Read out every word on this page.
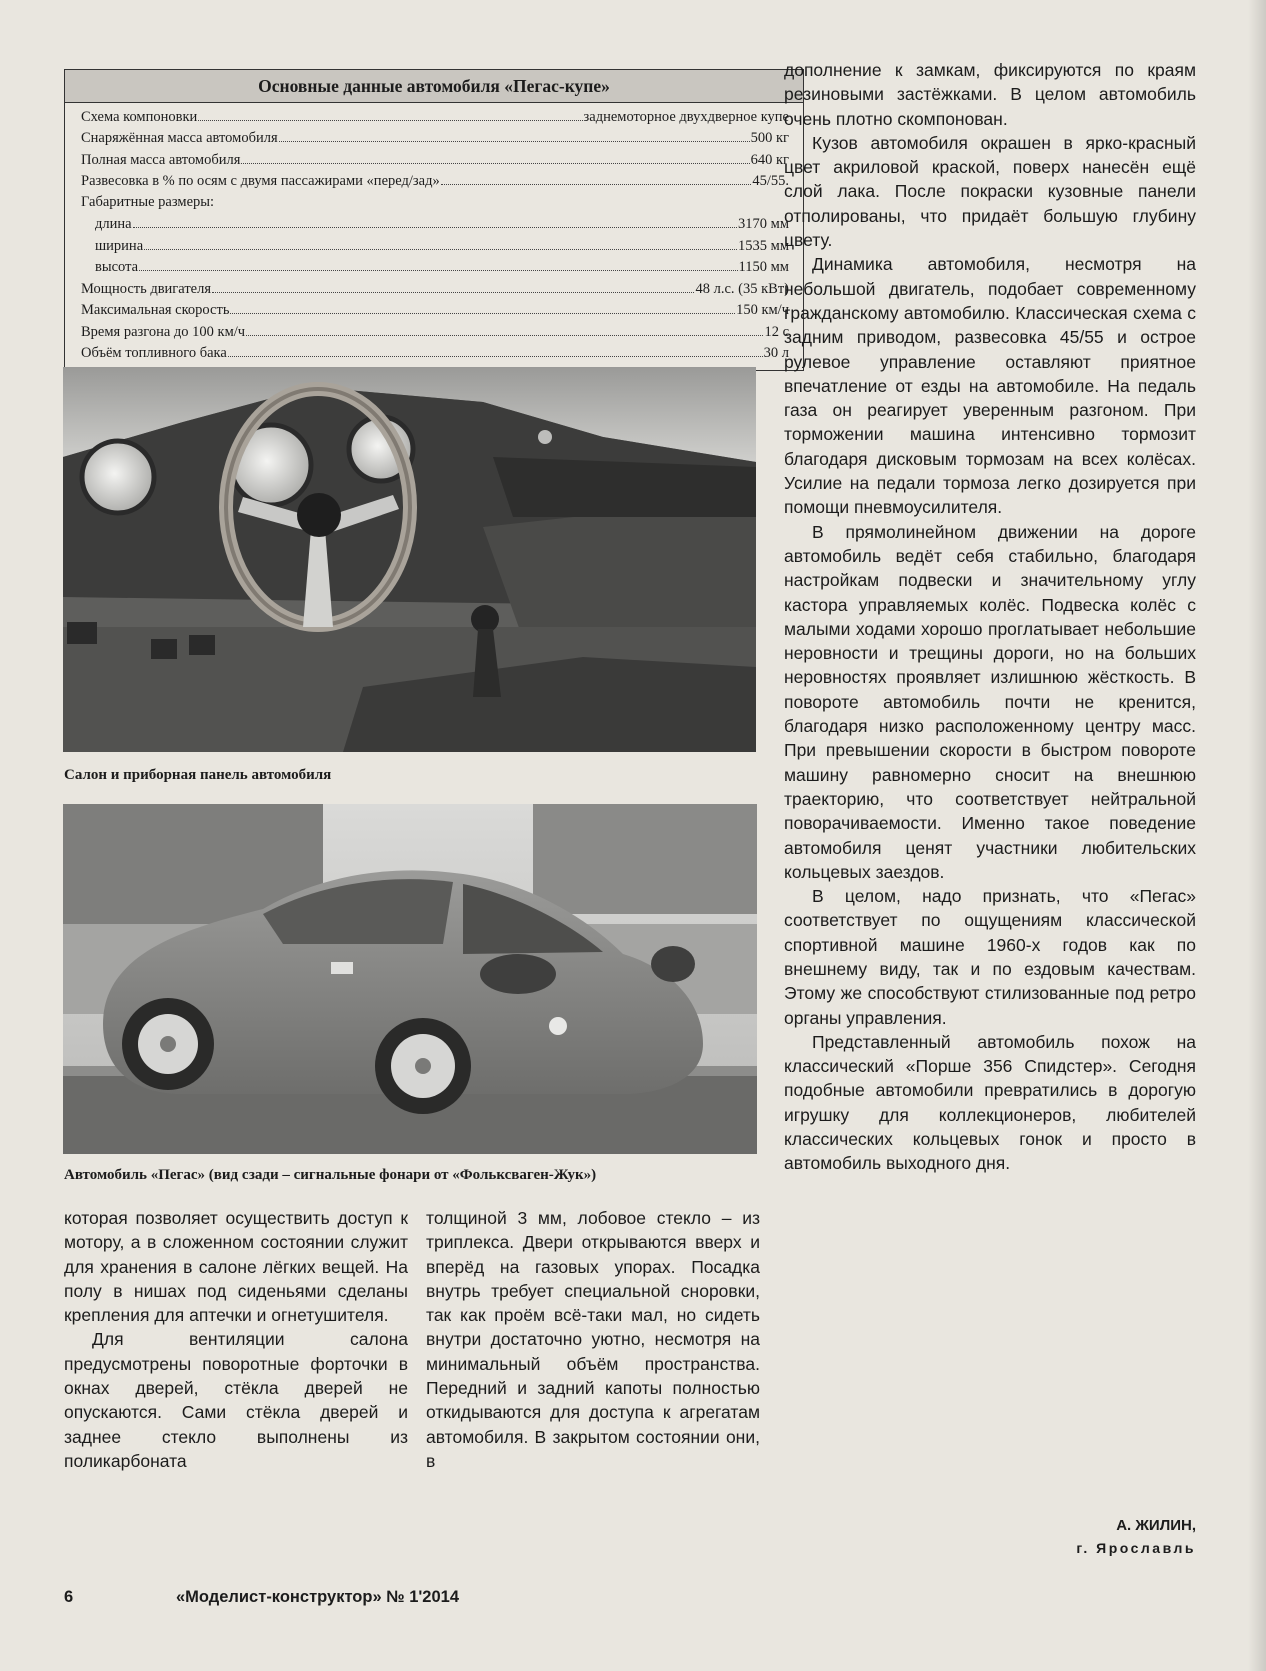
Основные данные автомобиля «Пегас-купе»
Схема компоновки	заднемоторное двухдверное купе
Снаряжённая масса автомобиля	500 кг
Полная масса автомобиля	640 кг
Развесовка в % по осям с двумя пассажирами «перед/зад»	45/55.
Габаритные размеры:
длина	3170 мм
ширина	1535 мм
высота	1150 мм
Мощность двигателя	48 л.с. (35 кВт)
Максимальная скорость	150 км/ч
Время разгона до 100 км/ч	12 с
Объём топливного бака	30 л
Салон и приборная панель автомобиля
Автомобиль «Пегас» (вид сзади – сигнальные фонари от «Фольксваген-Жук»)

которая позволяет осуществить доступ к мотору, а в сложенном состоянии служит для хранения в салоне лёгких вещей. На полу в нишах под сиденьями сделаны крепления для аптечки и огнетушителя.

Для вентиляции салона предусмотрены поворотные форточки в окнах дверей, стёкла дверей не опускаются. Сами стёкла дверей и заднее стекло выполнены из поликарбоната

толщиной 3 мм, лобовое стекло – из триплекса. Двери открываются вверх и вперёд на газовых упорах. Посадка внутрь требует специальной сноровки, так как проём всё-таки мал, но сидеть внутри достаточно уютно, несмотря на минимальный объём пространства. Передний и задний капоты полностью откидываются для доступа к агрегатам автомобиля. В закрытом состоянии они, в

дополнение к замкам, фиксируются по краям резиновыми застёжками. В целом автомобиль очень плотно скомпонован.

Кузов автомобиля окрашен в ярко-красный цвет акриловой краской, поверх нанесён ещё слой лака. После покраски кузовные панели отполированы, что придаёт большую глубину цвету.

Динамика автомобиля, несмотря на небольшой двигатель, подобает современному гражданскому автомобилю. Классическая схема с задним приводом, развесовка 45/55 и острое рулевое управление оставляют приятное впечатление от езды на автомобиле. На педаль газа он реагирует уверенным разгоном. При торможении машина интенсивно тормозит благодаря дисковым тормозам на всех колёсах. Усилие на педали тормоза легко дозируется при помощи пневмоусилителя.

В прямолинейном движении на дороге автомобиль ведёт себя стабильно, благодаря настройкам подвески и значительному углу кастора управляемых колёс. Подвеска колёс с малыми ходами хорошо проглатывает небольшие неровности и трещины дороги, но на больших неровностях проявляет излишнюю жёсткость. В повороте автомобиль почти не кренится, благодаря низко расположенному центру масс. При превышении скорости в быстром повороте машину равномерно сносит на внешнюю траекторию, что соответствует нейтральной поворачиваемости. Именно такое поведение автомобиля ценят участники любительских кольцевых заездов.

В целом, надо признать, что «Пегас» соответствует по ощущениям классической спортивной машине 1960-х годов как по внешнему виду, так и по ездовым качествам. Этому же способствуют стилизованные под ретро органы управления.

Представленный автомобиль похож на классический «Порше 356 Спидстер». Сегодня подобные автомобили превратились в дорогую игрушку для коллекционеров, любителей классических кольцевых гонок и просто в автомобиль выходного дня.

А. ЖИЛИН,
г. Ярославль
6	«Моделист-конструктор» № 1'2014
